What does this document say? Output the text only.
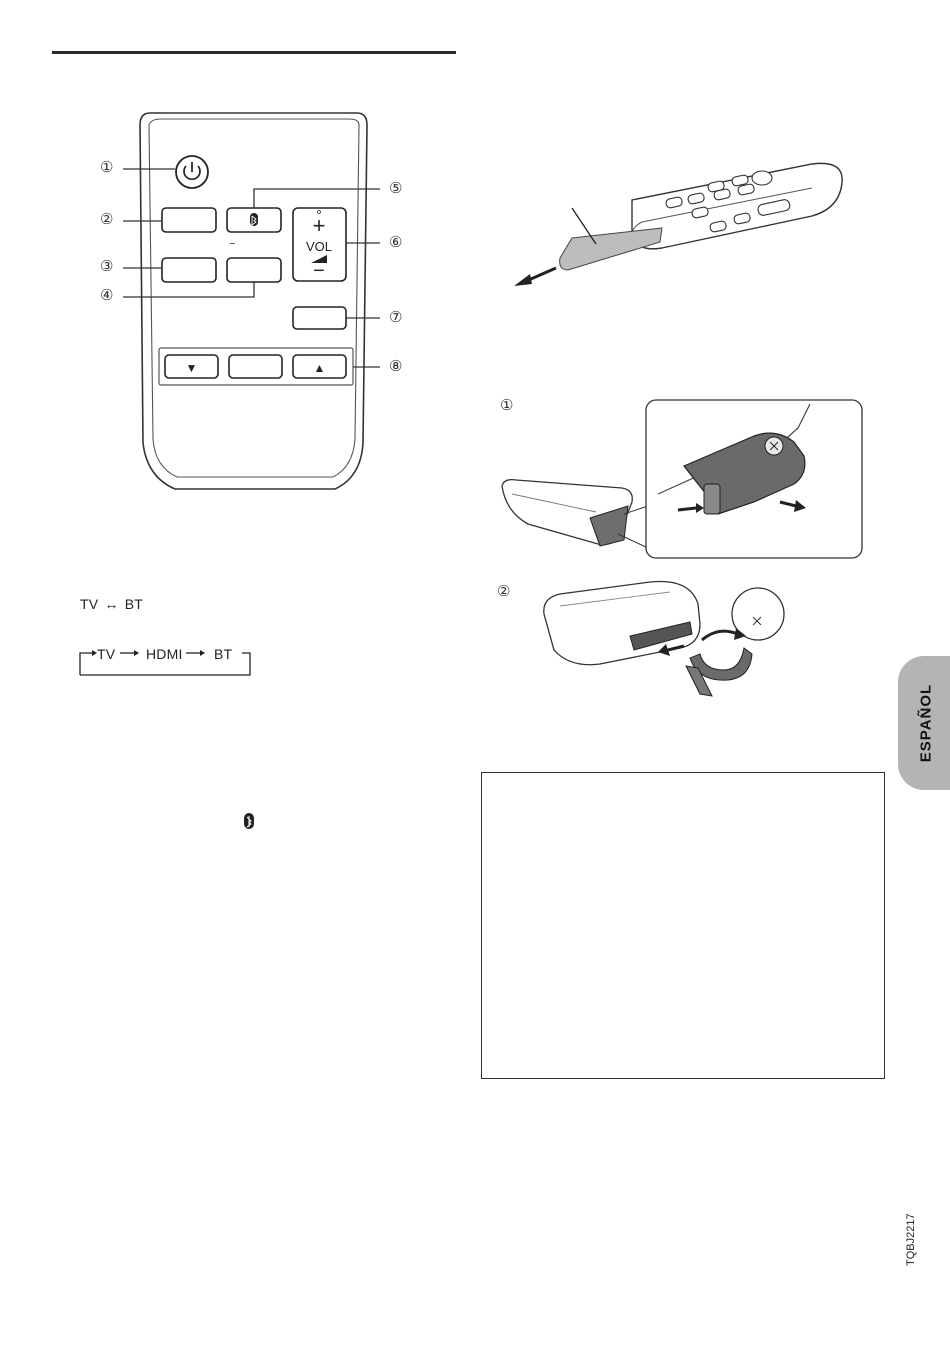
−
+
VOL
−
▼	▲
①
②
③
④
⑤
⑥
⑦
⑧
TV ↔ BT
TV HDMI BT
①
②
ESPAÑOL
TQBJ2217
